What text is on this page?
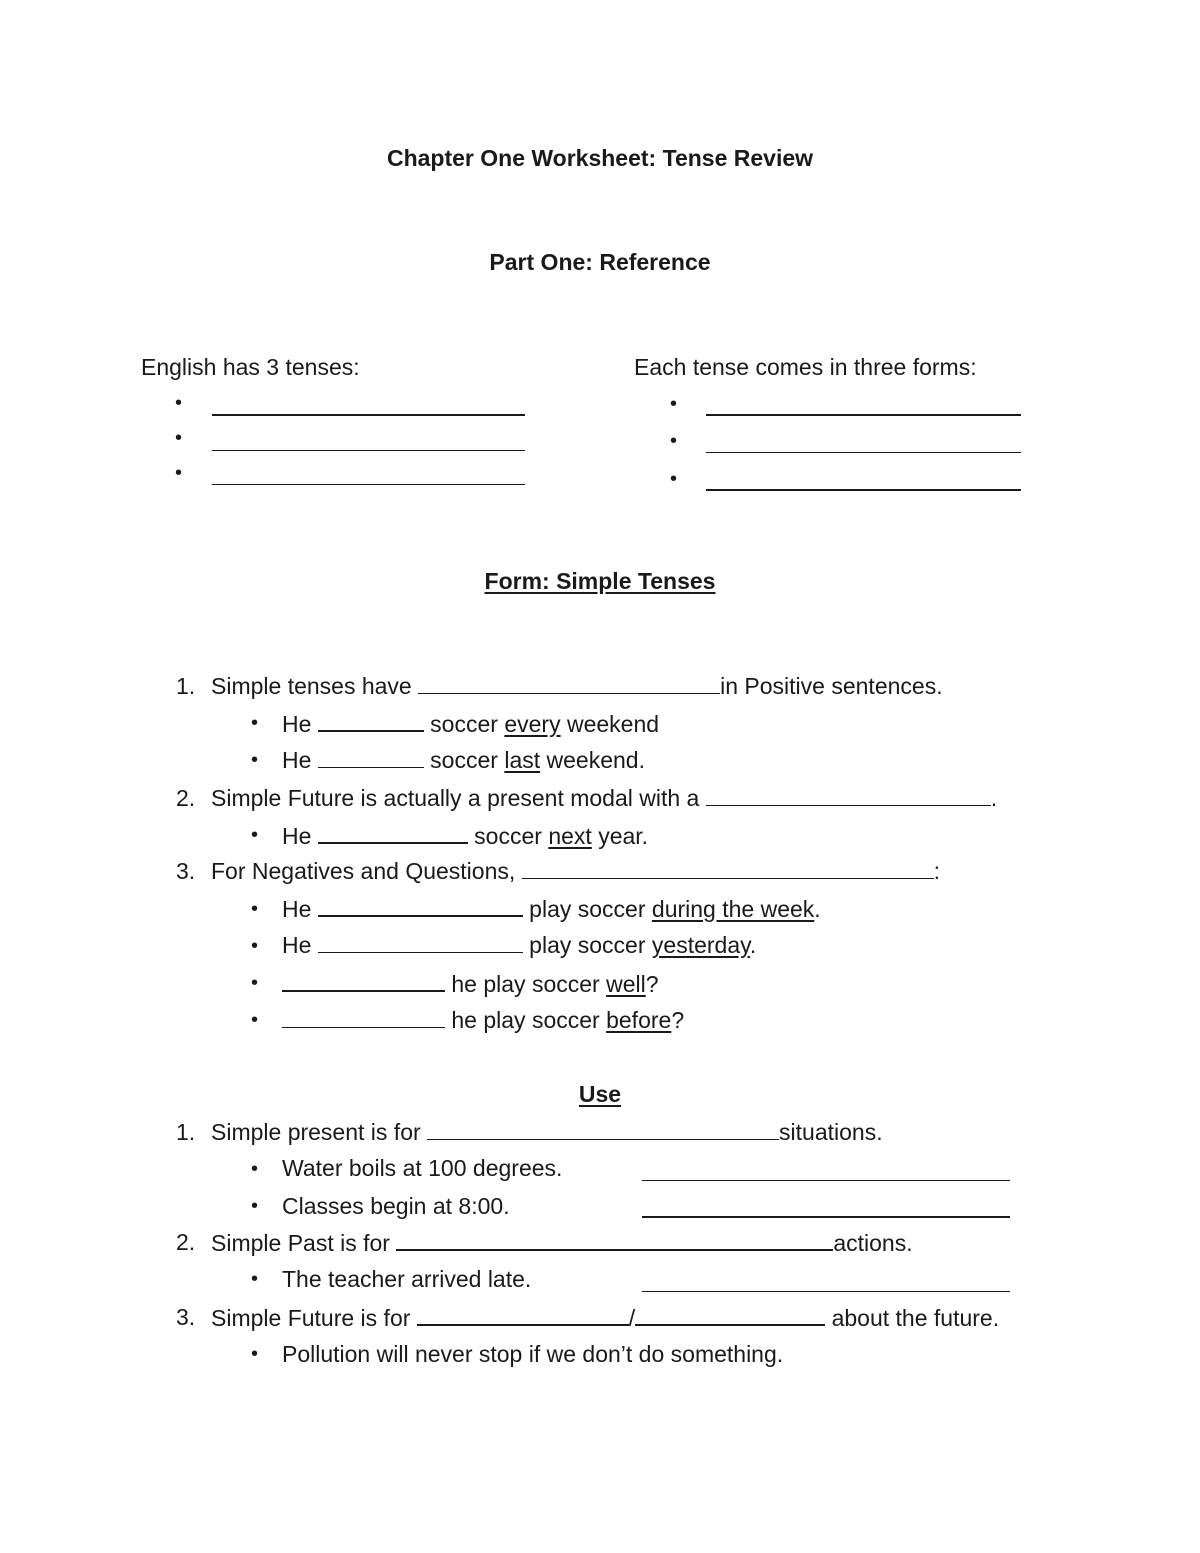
Chapter One Worksheet: Tense Review
Part One: Reference
English has 3 tenses:	Each tense comes in three forms:
•
•
•
•
•
•
Form: Simple Tenses
1. Simple tenses have	in Positive sentences.
• He	soccer every weekend
• He	soccer last weekend.
2. Simple Future is actually a present modal with a	.
• He	soccer next year.
3. For Negatives and Questions,	:
• He	play soccer during the week.
• He	play soccer yesterday.
•	he play soccer well?
•	he play soccer before?
Use
1. Simple present is for	situations.
• Water boils at 100 degrees.
• Classes begin at 8:00.
2. Simple Past is for	actions.
• The teacher arrived late.
3. Simple Future is for	/	about the future.
• Pollution will never stop if we don’t do something.
